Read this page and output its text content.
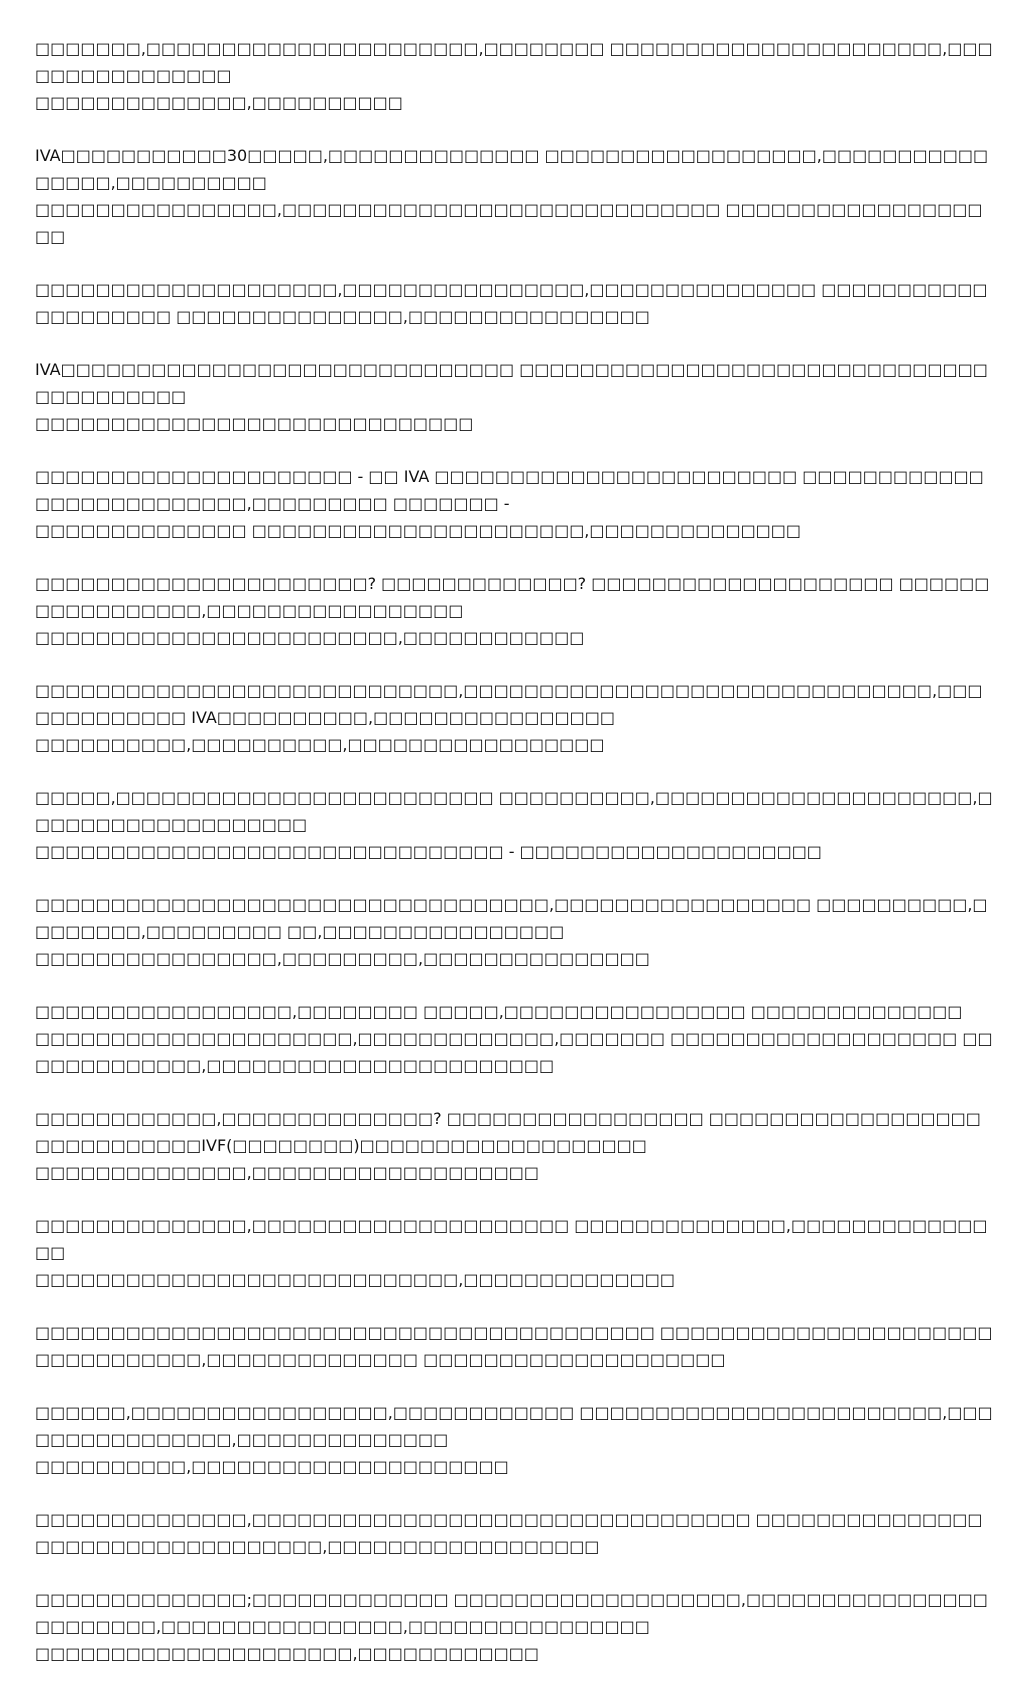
□□□□□□□,□□□□□□□□□□□□□□□□□□□□□□,□□□□□□□□ □□□□□□□□□□□□□□□□□□□□□□,□□□□□□□□□□□□□□□□
□□□□□□□□□□□□□□,□□□□□□□□□□

IVA□□□□□□□□□□□30□□□□□,□□□□□□□□□□□□□□ □□□□□□□□□□□□□□□□□□,□□□□□□□□□□□□□□□□,□□□□□□□□□□
□□□□□□□□□□□□□□□□,□□□□□□□□□□□□□□□□□□□□□□□□□□□□□ □□□□□□□□□□□□□□□□□□□

□□□□□□□□□□□□□□□□□□□□,□□□□□□□□□□□□□□□□,□□□□□□□□□□□□□□□ □□□□□□□□□□□□□□□□□□□□ □□□□□□□□□□□□□□□,□□□□□□□□□□□□□□□□

IVA□□□□□□□□□□□□□□□□□□□□□□□□□□□□□□ □□□□□□□□□□□□□□□□□□□□□□□□□□□□□□□□□□□□□□□□□
□□□□□□□□□□□□□□□□□□□□□□□□□□□□□

□□□□□□□□□□□□□□□□□□□□□ - □□ IVA □□□□□□□□□□□□□□□□□□□□□□□□ □□□□□□□□□□□□□□□□□□□□□□□□□□,□□□□□□□□□ □□□□□□□ -
□□□□□□□□□□□□□□ □□□□□□□□□□□□□□□□□□□□□□,□□□□□□□□□□□□□□

□□□□□□□□□□□□□□□□□□□□□□? □□□□□□□□□□□□□? □□□□□□□□□□□□□□□□□□□□ □□□□□□□□□□□□□□□□□,□□□□□□□□□□□□□□□□□
□□□□□□□□□□□□□□□□□□□□□□□□,□□□□□□□□□□□□

□□□□□□□□□□□□□□□□□□□□□□□□□□□□,□□□□□□□□□□□□□□□□□□□□□□□□□□□□□□□,□□□□□□□□□□□□□ IVA□□□□□□□□□□,□□□□□□□□□□□□□□□□
□□□□□□□□□□,□□□□□□□□□□,□□□□□□□□□□□□□□□□□

□□□□□,□□□□□□□□□□□□□□□□□□□□□□□□□ □□□□□□□□□□,□□□□□□□□□□□□□□□□□□□□□,□□□□□□□□□□□□□□□□□□□
□□□□□□□□□□□□□□□□□□□□□□□□□□□□□□□ - □□□□□□□□□□□□□□□□□□□□

□□□□□□□□□□□□□□□□□□□□□□□□□□□□□□□□□□,□□□□□□□□□□□□□□□□□ □□□□□□□□□□,□□□□□□□□,□□□□□□□□□ □□,□□□□□□□□□□□□□□□□
□□□□□□□□□□□□□□□□,□□□□□□□□□,□□□□□□□□□□□□□□□

□□□□□□□□□□□□□□□□□,□□□□□□□□ □□□□□,□□□□□□□□□□□□□□□□ □□□□□□□□□□□□□□
□□□□□□□□□□□□□□□□□□□□□,□□□□□□□□□□□□□,□□□□□□□ □□□□□□□□□□□□□□□□□□□ □□□□□□□□□□□□□,□□□□□□□□□□□□□□□□□□□□□□□

□□□□□□□□□□□□,□□□□□□□□□□□□□□? □□□□□□□□□□□□□□□□□ □□□□□□□□□□□□□□□□□□□□□□□□□□□□□IVF(□□□□□□□□)□□□□□□□□□□□□□□□□□□□
□□□□□□□□□□□□□□,□□□□□□□□□□□□□□□□□□□

□□□□□□□□□□□□□□,□□□□□□□□□□□□□□□□□□□□□ □□□□□□□□□□□□□□,□□□□□□□□□□□□□□□
□□□□□□□□□□□□□□□□□□□□□□□□□□□□,□□□□□□□□□□□□□□

□□□□□□□□□□□□□□□□□□□□□□□□□□□□□□□□□□□□□□□□□ □□□□□□□□□□□□□□□□□□□□□□□□□□□□□□□□□,□□□□□□□□□□□□□□ □□□□□□□□□□□□□□□□□□□□

□□□□□□,□□□□□□□□□□□□□□□□□,□□□□□□□□□□□□ □□□□□□□□□□□□□□□□□□□□□□□□,□□□□□□□□□□□□□□□□,□□□□□□□□□□□□□□
□□□□□□□□□□,□□□□□□□□□□□□□□□□□□□□□

□□□□□□□□□□□□□□,□□□□□□□□□□□□□□□□□□□□□□□□□□□□□□□□□ □□□□□□□□□□□□□□□□□□□□□□□□□□□□□□□□□□,□□□□□□□□□□□□□□□□□□

□□□□□□□□□□□□□□;□□□□□□□□□□□□□ □□□□□□□□□□□□□□□□□□□,□□□□□□□□□□□□□□□□□□□□□□□□,□□□□□□□□□□□□□□□□,□□□□□□□□□□□□□□□□
□□□□□□□□□□□□□□□□□□□□□,□□□□□□□□□□□□
